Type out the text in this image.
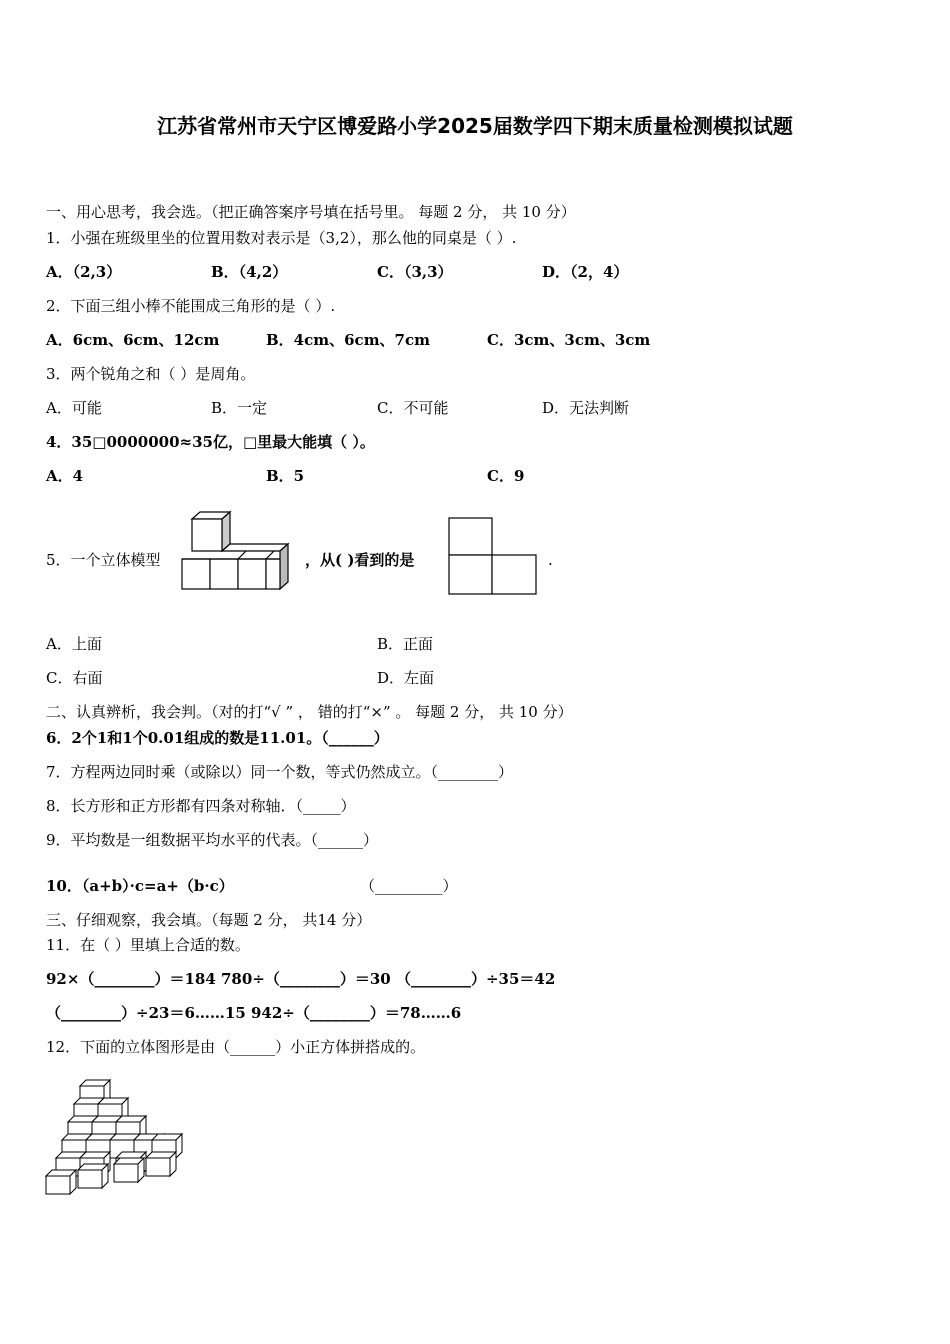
江苏省常州市天宁区博爱路小学2025届数学四下期末质量检测模拟试题
一、用心思考，我会选。（把正确答案序号填在括号里。 每题 2 分， 共 10 分）
1．小强在班级里坐的位置用数对表示是（3,2），那么他的同桌是（ ）.
A．（2,3）	B．（4,2）	C．（3,3）	D．（2，4）
2．下面三组小棒不能围成三角形的是（ ）.
A．6cm、6cm、12cm	B．4cm、6cm、7cm	C．3cm、3cm、3cm
3．两个锐角之和（ ）是周角。
A．可能	B．一定	C．不可能	D．无法判断
4．35□0000000≈35亿，□里最大能填（ ）。
A．4	B．5	C．9
5．一个立体模型	，从( )看到的是	.
A．上面	B．正面
C．右面	D．左面
二、认真辨析，我会判。（对的打“√ ” ， 错的打“×” 。 每题 2 分， 共 10 分）
6．2个1和1个0.01组成的数是11.01。（______）
7．方程两边同时乘（或除以）同一个数，等式仍然成立。（________）
8．长方形和正方形都有四条对称轴．（_____）
9．平均数是一组数据平均水平的代表。（______）
10．（a+b）·c=a+（b·c）	（_________）
三、仔细观察，我会填。（每题 2 分， 共14 分）
11．在（ ）里填上合适的数。
92×（________）＝184 780÷（________）＝30 （________）÷35＝42
（________）÷23＝6……15 942÷（________）＝78……6
12．下面的立体图形是由（______）小正方体拼搭成的。
